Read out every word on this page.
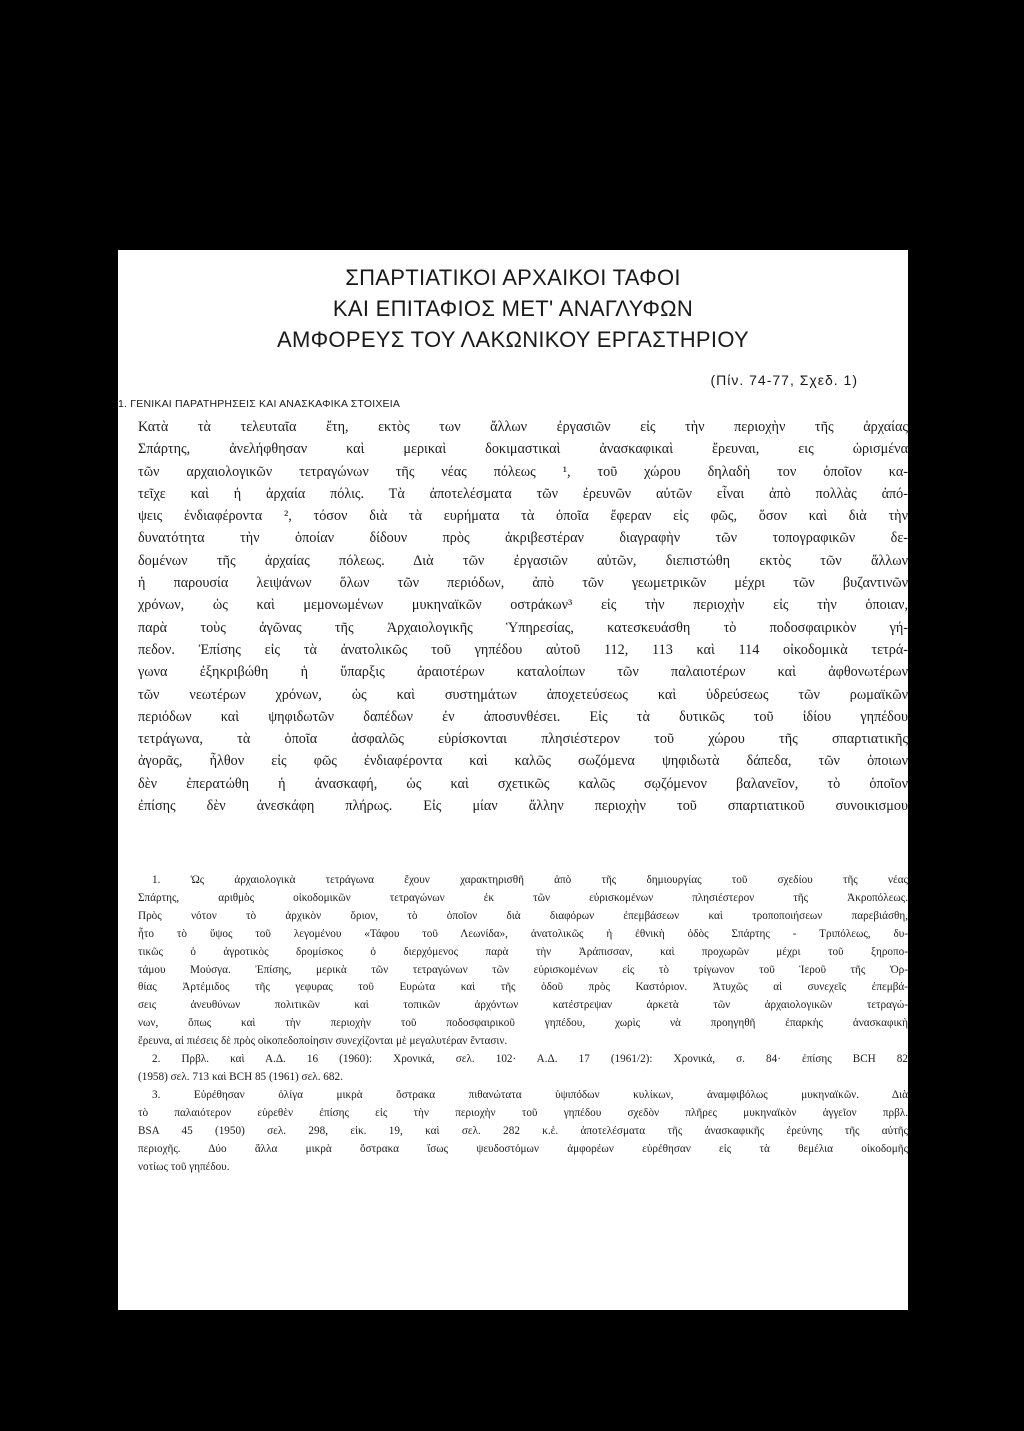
ΣΠΑΡΤΙΑΤΙΚΟΙ ΑΡΧΑΙΚΟΙ ΤΑΦΟΙ
ΚΑΙ ΕΠΙΤΑΦΙΟΣ ΜΕΤ' ΑΝΑΓΛΥΦΩΝ
ΑΜΦΟΡΕΥΣ ΤΟΥ ΛΑΚΩΝΙΚΟΥ ΕΡΓΑΣΤΗΡΙΟΥ
(Πίν. 74-77, Σχεδ. 1)
1. ΓΕΝΙΚΑΙ ΠΑΡΑΤΗΡΗΣΕΙΣ ΚΑΙ ΑΝΑΣΚΑΦΙΚΑ ΣΤΟΙΧΕΙΑ
Κατὰ τὰ τελευταῖα ἔτη, εκτὸς των ἄλλων ἐργασιῶν εἰς τὴν περιοχὴν τῆς ἀρχαίας
Σπάρτης, ἀνελήφθησαν καὶ μερικαὶ δοκιμαστικαὶ ἀνασκαφικαὶ ἔρευναι, εις ὡρισμένα
τῶν αρχαιολογικῶν τετραγώνων τῆς νέας πόλεως ¹, τοῦ χώρου δηλαδὴ τον ὁποῖον κα-
τεῖχε καὶ ἡ ἀρχαία πόλις. Τὰ ἀποτελέσματα τῶν ἐρευνῶν αὐτῶν εἶναι ἀπὸ πολλὰς ἀπό-
ψεις ἐνδιαφέροντα ², τόσον διὰ τὰ ευρήματα τὰ ὁποῖα ἔφεραν εἰς φῶς, ὅσον καὶ διὰ τὴν
δυνατότητα τὴν ὁποίαν δίδουν πρὸς ἀκριβεστέραν διαγραφὴν τῶν τοπογραφικῶν δε-
δομένων τῆς ἀρχαίας πόλεως. Διὰ τῶν ἐργασιῶν αὐτῶν, διεπιστώθη εκτὸς τῶν ἄλλων
ἡ παρουσία λειψάνων ὅλων τῶν περιόδων, ἀπὸ τῶν γεωμετρικῶν μέχρι τῶν βυζαντινῶν
χρόνων, ὡς καὶ μεμονωμένων μυκηναϊκῶν οστράκων³ εἰς τὴν περιοχὴν εἰς τὴν ὁποιαν,
παρὰ τοὺς ἀγῶνας τῆς Ἀρχαιολογικῆς Ὑπηρεσίας, κατεσκευάσθη τὸ ποδοσφαιρικὸν γή-
πεδον. Ἐπίσης εἰς τὰ ἀνατολικῶς τοῦ γηπέδου αὐτοῦ 112, 113 καὶ 114 οἰκοδομικὰ τετρά-
γωνα ἐξηκριβώθη ἡ ὕπαρξις ἀραιοτέρων καταλοίπων τῶν παλαιοτέρων καὶ ἀφθονωτέρων
τῶν νεωτέρων χρόνων, ὡς καὶ συστημάτων ἀποχετεύσεως καὶ ὑδρεύσεως τῶν ρωμαϊκῶν
περιόδων καὶ ψηφιδωτῶν δαπέδων ἐν ἀποσυνθέσει. Εἰς τὰ δυτικῶς τοῦ ἰδίου γηπέδου
τετράγωνα, τὰ ὁποῖα ἀσφαλῶς εὑρίσκονται πλησιέστερον τοῦ χώρου τῆς σπαρτιατικῆς
ἀγορᾶς, ἦλθον εἰς φῶς ἐνδιαφέροντα καὶ καλῶς σωζόμενα ψηφιδωτὰ δάπεδα, τῶν ὁποιων
δὲν ἐπερατώθη ἡ ἀνασκαφή, ὡς καὶ σχετικῶς καλῶς σῳζόμενον βαλανεῖον, τὸ ὁποῖον
ἐπίσης δὲν ἀνεσκάφη πλήρως. Εἰς μίαν ἄλλην περιοχὴν τοῦ σπαρτιατικοῦ συνοικισμου
1. Ὡς ἀρχαιολογικὰ τετράγωνα ἔχουν χαρακτηρισθῆ ἀπὸ τῆς δημιουργίας τοῦ σχεδίου τῆς νέας
Σπάρτης, αριθμὸς οἰκοδομικῶν τετραγώνων ἐκ τῶν εὑρισκομένων πλησιέστερον τῆς Ἀκροπόλεως.
Πρὸς νότον τὸ ἀρχικὸν ὅριον, τὸ ὁποῖον διὰ διαφόρων ἐπεμβάσεων καὶ τροποποιήσεων παρεβιάσθη,
ἦτο τὸ ὕψος τοῦ λεγομένου «Τάφου τοῦ Λεωνίδα», ἀνατολικῶς ἡ ἐθνικὴ ὁδὸς Σπάρτης - Τριπόλεως, δυ-
τικῶς ὁ ἀγροτικὸς δρομίσκος ὁ διερχόμενος παρὰ τὴν Ἀράπισσαν, καὶ προχωρῶν μέχρι τοῦ ξηροπο-
τάμου Μούσγα. Ἐπίσης, μερικὰ τῶν τετραγώνων τῶν εὑρισκομένων εἰς τὸ τρίγωνον τοῦ Ἱεροῦ τῆς Ὀρ-
θίας Ἀρτέμιδος τῆς γεφυρας τοῦ Ευρώτα καὶ τῆς ὁδοῦ πρὸς Καστόριον. Ἀτυχῶς αἱ συνεχεῖς ἐπεμβά-
σεις ἀνευθύνων πολιτικῶν καὶ τοπικῶν ἀρχόντων κατέστρεψαν ἀρκετὰ τῶν ἀρχαιολογικῶν τετραγώ-
νων, ὅπως καὶ τὴν περιοχὴν τοῦ ποδοσφαιρικοῦ γηπέδου, χωρὶς νὰ προηγηθῆ ἐπαρκὴς ἀνασκαφικὴ
ἔρευνα, αἱ πιέσεις δὲ πρὸς οἰκοπεδοποίησιν συνεχίζονται μὲ μεγαλυτέραν ἔντασιν.
2. Πρβλ. καὶ Α.Δ. 16 (1960): Χρονικά, σελ. 102· Α.Δ. 17 (1961/2): Χρονικά, σ. 84· ἐπίσης BCH 82
(1958) σελ. 713 καὶ BCH 85 (1961) σελ. 682.
3. Εὑρέθησαν ὀλίγα μικρὰ ὄστρακα πιθανώτατα ὑψιπόδων κυλίκων, ἀναμφιβόλως μυκηναϊκῶν. Διὰ
τὸ παλαιότερον εὑρεθὲν ἐπίσης εἰς τὴν περιοχὴν τοῦ γηπέδου σχεδὸν πλῆρες μυκηναϊκὸν ἀγγεῖον πρβλ.
BSA 45 (1950) σελ. 298, εἰκ. 19, καὶ σελ. 282 κ.ἑ. ἀποτελέσματα τῆς ἀνασκαφικῆς ἐρεύνης τῆς αὐτῆς
περιοχῆς. Δύο ἄλλα μικρὰ ὄστρακα ἴσως ψευδοστόμων ἀμφορέων εὑρέθησαν εἰς τὰ θεμέλια οἰκοδομῆς
νοτίως τοῦ γηπέδου.
